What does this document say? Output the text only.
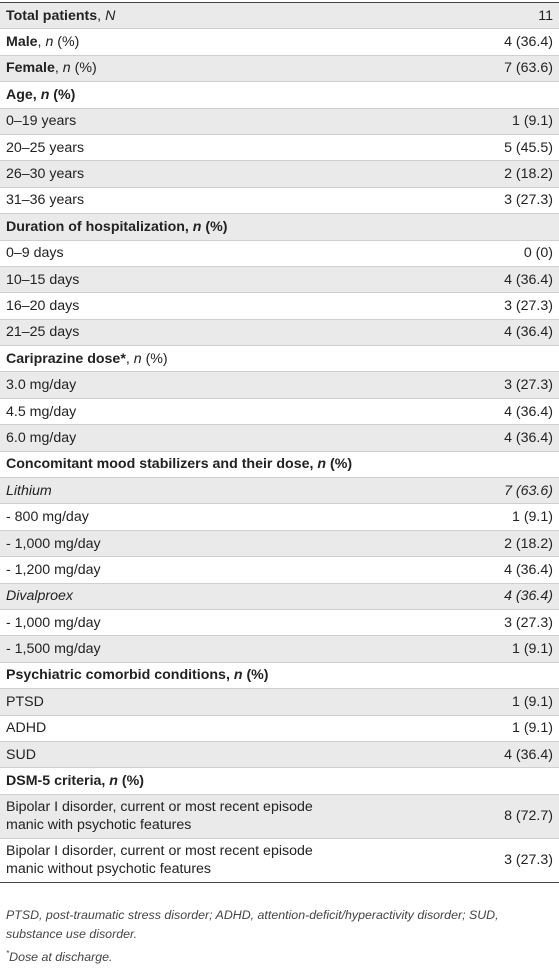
Total patients, N	11
Male, n (%)	4 (36.4)
Female, n (%)	7 (63.6)
Age, n (%)	
0–19 years	1 (9.1)
20–25 years	5 (45.5)
26–30 years	2 (18.2)
31–36 years	3 (27.3)
Duration of hospitalization, n (%)	
0–9 days	0 (0)
10–15 days	4 (36.4)
16–20 days	3 (27.3)
21–25 days	4 (36.4)
Cariprazine dose*, n (%)	
3.0 mg/day	3 (27.3)
4.5 mg/day	4 (36.4)
6.0 mg/day	4 (36.4)
Concomitant mood stabilizers and their dose, n (%)	
Lithium	7 (63.6)
- 800 mg/day	1 (9.1)
- 1,000 mg/day	2 (18.2)
- 1,200 mg/day	4 (36.4)
Divalproex	4 (36.4)
- 1,000 mg/day	3 (27.3)
- 1,500 mg/day	1 (9.1)
Psychiatric comorbid conditions, n (%)	
PTSD	1 (9.1)
ADHD	1 (9.1)
SUD	4 (36.4)
DSM-5 criteria, n (%)	
Bipolar I disorder, current or most recent episode
manic with psychotic features	8 (72.7)
Bipolar I disorder, current or most recent episode
manic without psychotic features	3 (27.3)
PTSD, post-traumatic stress disorder; ADHD, attention-deficit/hyperactivity disorder; SUD, substance use disorder.
*Dose at discharge.
